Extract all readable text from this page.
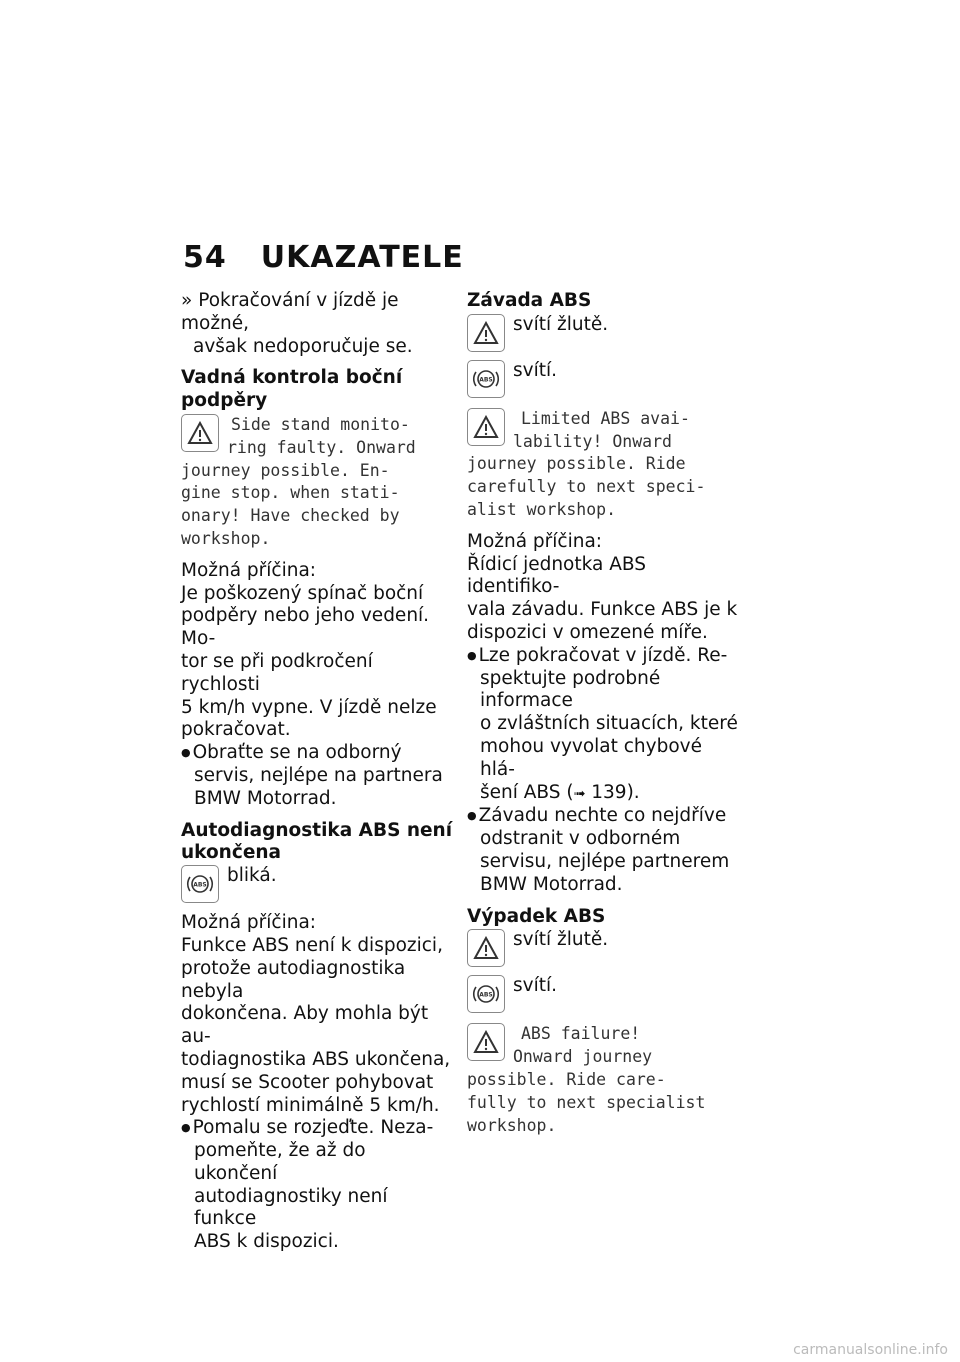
54 UKAZATELE

» Pokračování v jízdě je možné,

avšak nedoporučuje se.

Vadná kontrola boční podpěry

Side stand monito-
ring faulty. Onward
journey possible. En-
gine stop. when stati-
onary! Have checked by
workshop.

Možná příčina:

Je poškozený spínač boční

podpěry nebo jeho vedení. Mo-

tor se při podkročení rychlosti

5 km/h vypne. V jízdě nelze

pokračovat.

● Obraťte se na odborný

servis, nejlépe na partnera

BMW Motorrad.

Autodiagnostika ABS není

ukončena

ABS bliká.

Možná příčina:

Funkce ABS není k dispozici,

protože autodiagnostika nebyla

dokončena. Aby mohla být au-

todiagnostika ABS ukončena,

musí se Scooter pohybovat

rychlostí minimálně 5 km/h.

● Pomalu se rozjeďte. Neza-

pomeňte, že až do ukončení

autodiagnostiky není funkce

ABS k dispozici.

Závada ABS

svítí žlutě.

ABS svítí.

Limited ABS avai-
lability! Onward
journey possible. Ride
carefully to next speci-
alist workshop.

Možná příčina:

Řídicí jednotka ABS identifiko-

vala závadu. Funkce ABS je k

dispozici v omezené míře.

● Lze pokračovat v jízdě. Re-

spektujte podrobné informace

o zvláštních situacích, které

mohou vyvolat chybové hlá-

šení ABS (➟ 139).

● Závadu nechte co nejdříve

odstranit v odborném

servisu, nejlépe partnerem

BMW Motorrad.

Výpadek ABS

svítí žlutě.

ABS svítí.

ABS failure!
Onward journey
possible. Ride care-
fully to next specialist
workshop.
carmanualsonline.info
